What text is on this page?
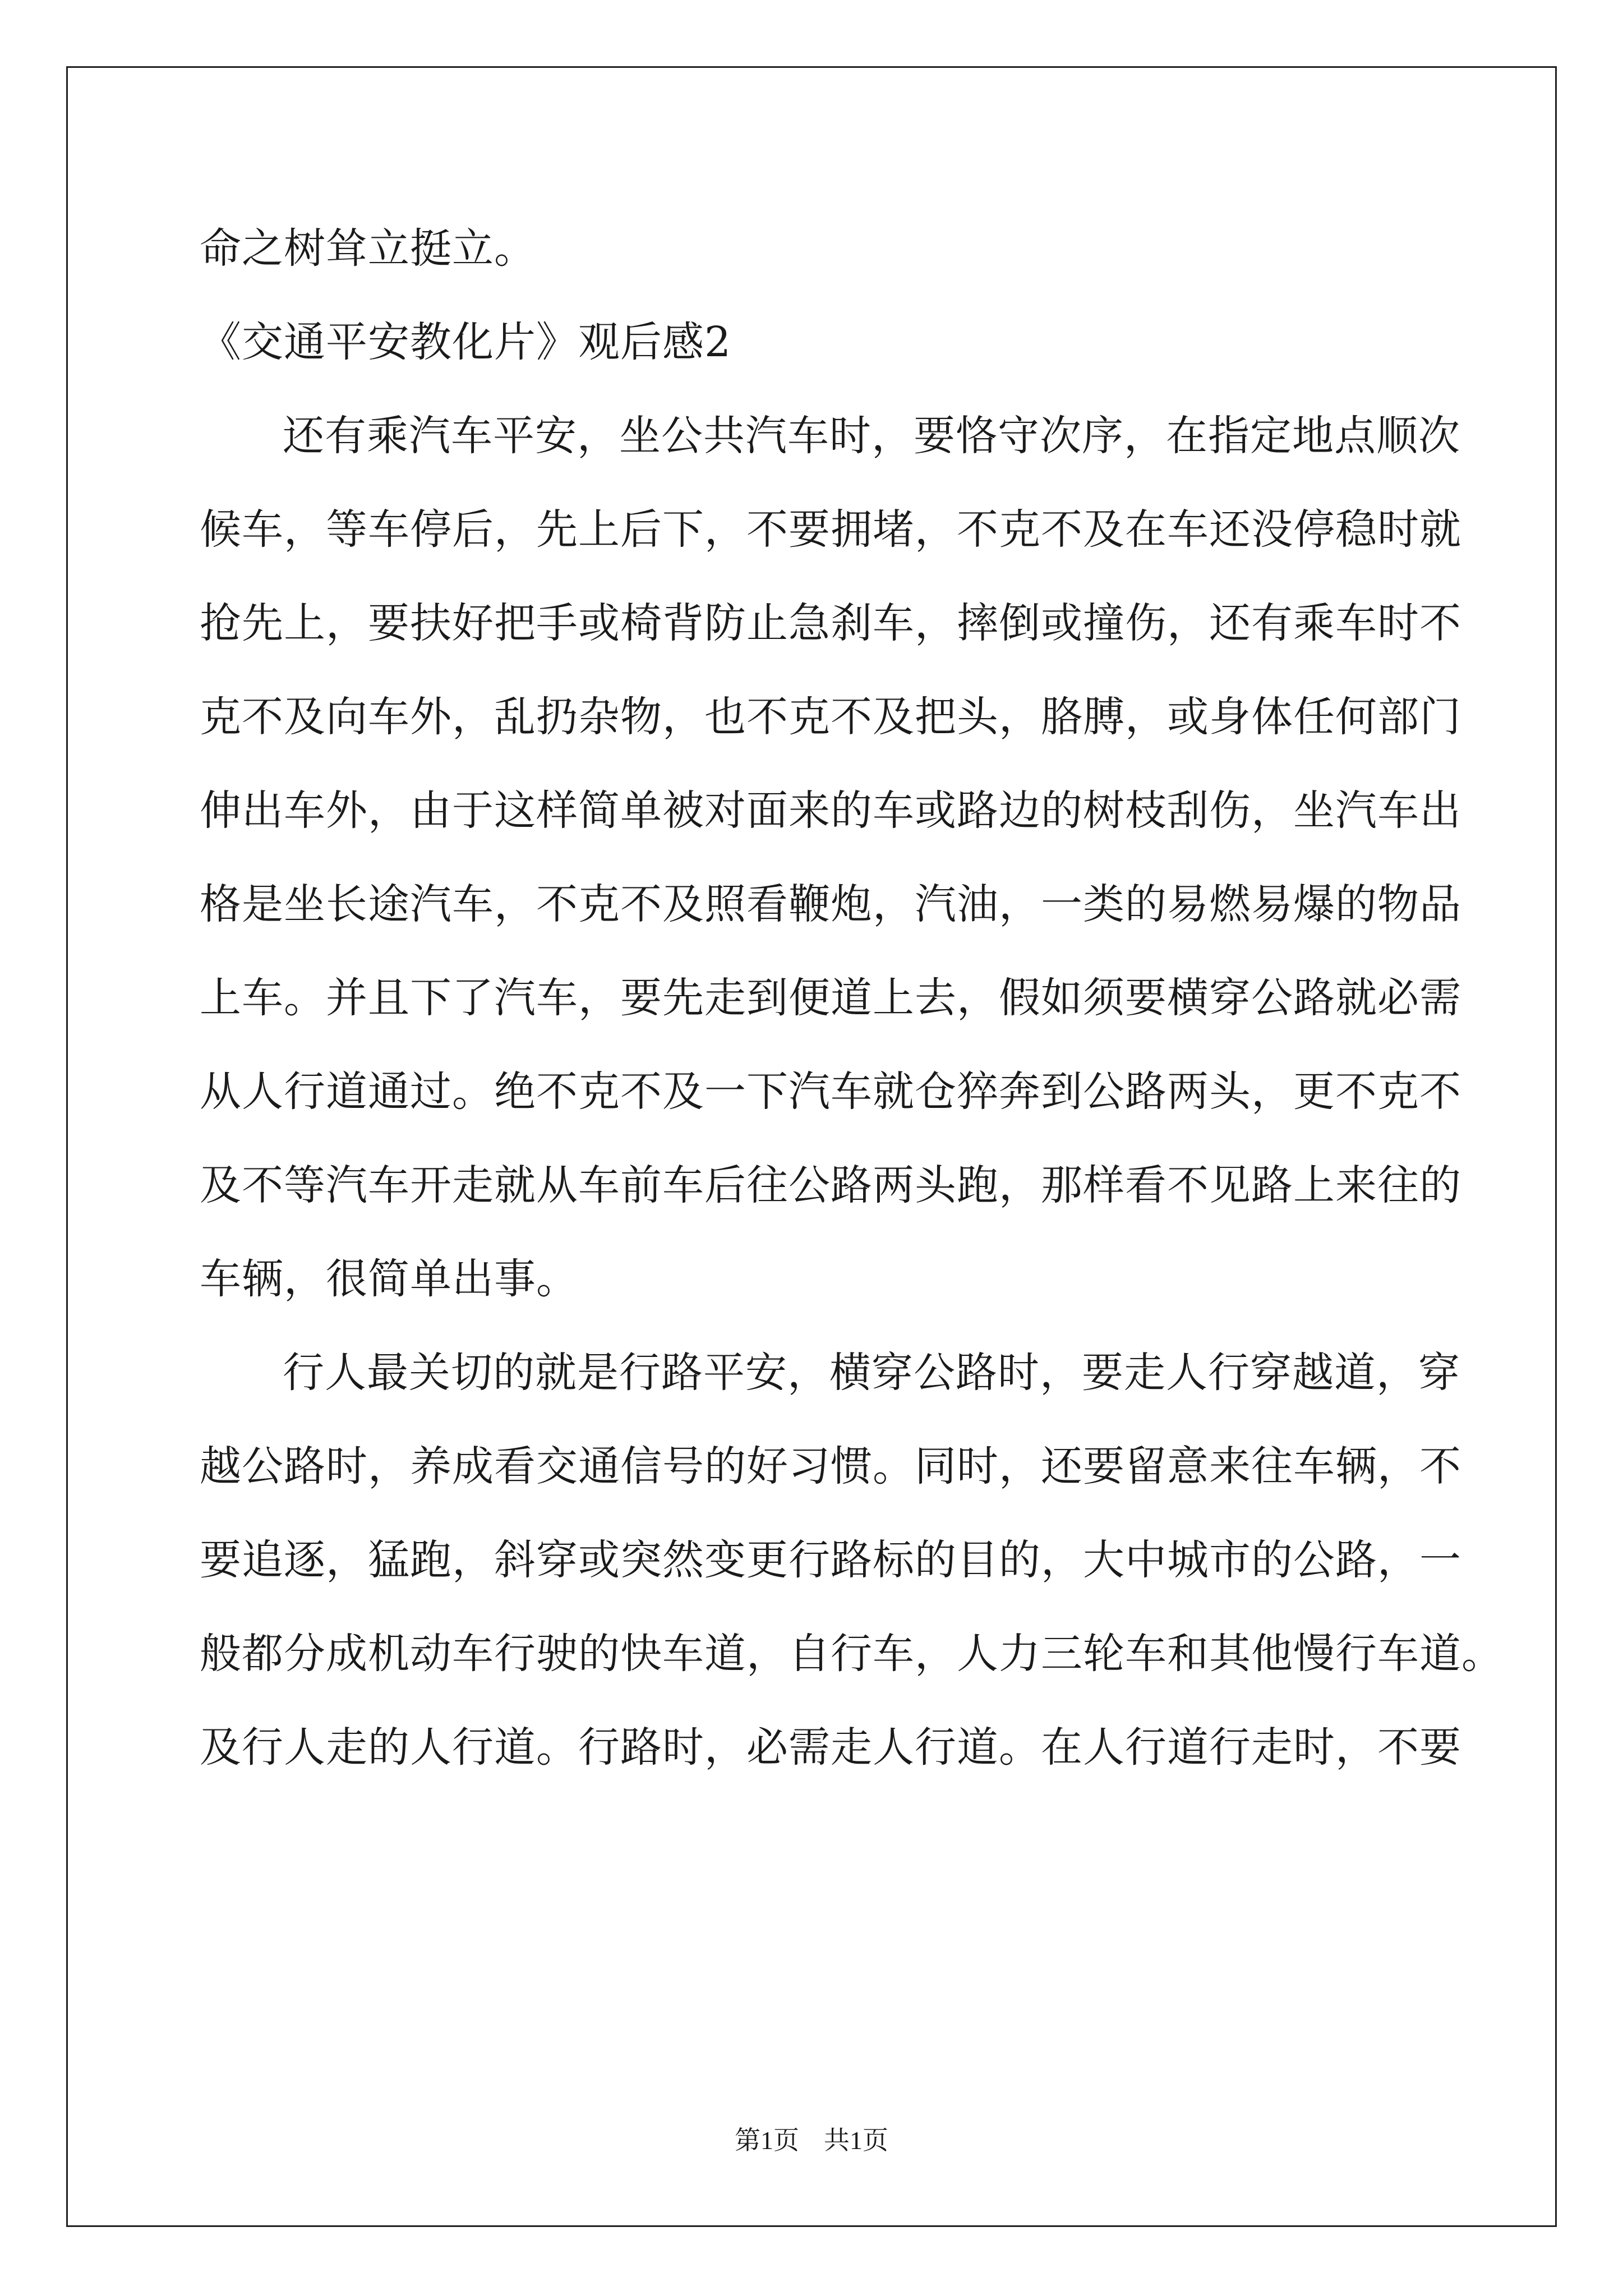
命之树耸立挺立。
《交通平安教化片》观后感2
还有乘汽车平安，坐公共汽车时，要恪守次序，在指定地点顺次
候车，等车停后，先上后下，不要拥堵，不克不及在车还没停稳时就
抢先上，要扶好把手或椅背防止急刹车，摔倒或撞伤，还有乘车时不
克不及向车外，乱扔杂物，也不克不及把头，胳膊，或身体任何部门
伸出车外，由于这样简单被对面来的车或路边的树枝刮伤，坐汽车出
格是坐长途汽车，不克不及照看鞭炮，汽油，一类的易燃易爆的物品
上车。并且下了汽车，要先走到便道上去，假如须要横穿公路就必需
从人行道通过。绝不克不及一下汽车就仓猝奔到公路两头，更不克不
及不等汽车开走就从车前车后往公路两头跑，那样看不见路上来往的
车辆，很简单出事。
行人最关切的就是行路平安，横穿公路时，要走人行穿越道，穿
越公路时，养成看交通信号的好习惯。同时，还要留意来往车辆，不
要追逐，猛跑，斜穿或突然变更行路标的目的，大中城市的公路，一
般都分成机动车行驶的快车道，自行车，人力三轮车和其他慢行车道。
及行人走的人行道。行路时，必需走人行道。在人行道行走时，不要
第1页 共1页
